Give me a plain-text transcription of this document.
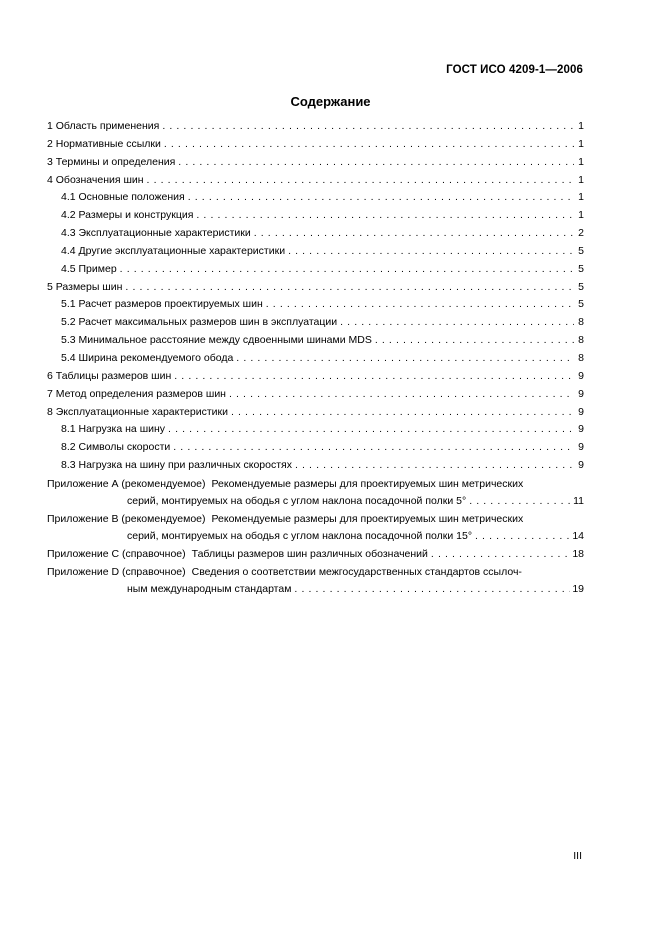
ГОСТ ИСО 4209-1—2006
Содержание
1 Область применения . . .	1
2 Нормативные ссылки . . .	1
3 Термины и определения . . .	1
4 Обозначения шин . . .	1
4.1 Основные положения . . .	1
4.2 Размеры и конструкция . . .	1
4.3 Эксплуатационные характеристики . . .	2
4.4 Другие эксплуатационные характеристики . . .	5
4.5 Пример . . .	5
5 Размеры шин . . .	5
5.1 Расчет размеров проектируемых шин . . .	5
5.2 Расчет максимальных размеров шин в эксплуатации . . .	8
5.3 Минимальное расстояние между сдвоенными шинами MDS . . .	8
5.4 Ширина рекомендуемого обода . . .	8
6 Таблицы размеров шин . . .	9
7 Метод определения размеров шин . . .	9
8 Эксплуатационные характеристики . . .	9
8.1 Нагрузка на шину . . .	9
8.2 Символы скорости . . .	9
8.3 Нагрузка на шину при различных скоростях . . .	9
Приложение А (рекомендуемое) Рекомендуемые размеры для проектируемых шин метрических
серий, монтируемых на ободья с углом наклона посадочной полки 5° . . .	11
Приложение В (рекомендуемое) Рекомендуемые размеры для проектируемых шин метрических
серий, монтируемых на ободья с углом наклона посадочной полки 15° . . .	14
Приложение С (справочное) Таблицы размеров шин различных обозначений . . .	18
Приложение D (справочное) Сведения о соответствии межгосударственных стандартов ссылоч-
ным международным стандартам . . .	19
III
